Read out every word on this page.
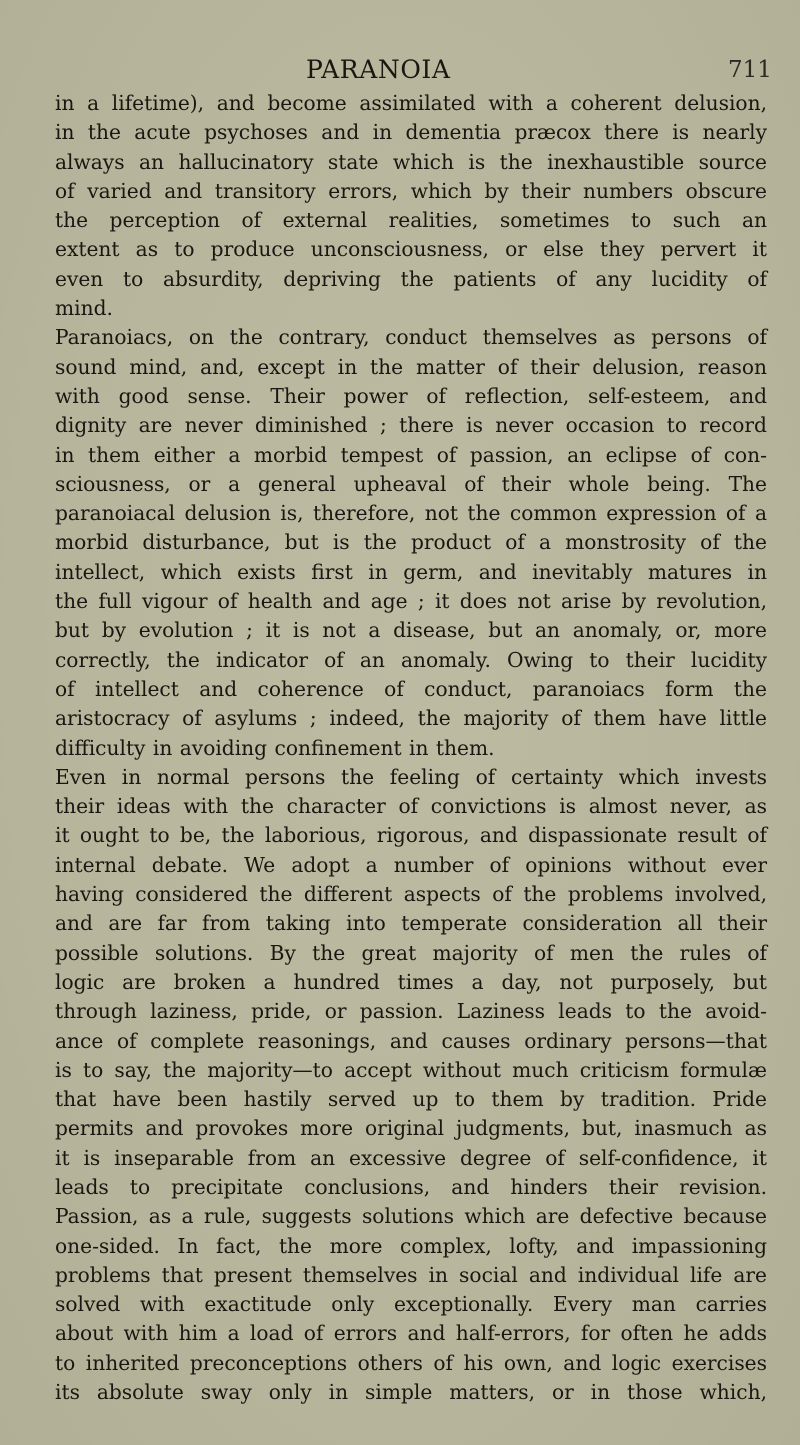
PARANOIA	711
in a lifetime), and become assimilated with a coherent delusion,
in the acute psychoses and in dementia præcox there is nearly
always an hallucinatory state which is the inexhaustible source
of varied and transitory errors, which by their numbers obscure
the perception of external realities, sometimes to such an
extent as to produce unconsciousness, or else they pervert it
even to absurdity, depriving the patients of any lucidity of
mind.
Paranoiacs, on the contrary, conduct themselves as persons of
sound mind, and, except in the matter of their delusion, reason
with good sense. Their power of reflection, self-esteem, and
dignity are never diminished ; there is never occasion to record
in them either a morbid tempest of passion, an eclipse of con-
sciousness, or a general upheaval of their whole being. The
paranoiacal delusion is, therefore, not the common expression of a
morbid disturbance, but is the product of a monstrosity of the
intellect, which exists first in germ, and inevitably matures in
the full vigour of health and age ; it does not arise by revolution,
but by evolution ; it is not a disease, but an anomaly, or, more
correctly, the indicator of an anomaly. Owing to their lucidity
of intellect and coherence of conduct, paranoiacs form the
aristocracy of asylums ; indeed, the majority of them have little
difficulty in avoiding confinement in them.
Even in normal persons the feeling of certainty which invests
their ideas with the character of convictions is almost never, as
it ought to be, the laborious, rigorous, and dispassionate result of
internal debate. We adopt a number of opinions without ever
having considered the different aspects of the problems involved,
and are far from taking into temperate consideration all their
possible solutions. By the great majority of men the rules of
logic are broken a hundred times a day, not purposely, but
through laziness, pride, or passion. Laziness leads to the avoid-
ance of complete reasonings, and causes ordinary persons—that
is to say, the majority—to accept without much criticism formulæ
that have been hastily served up to them by tradition. Pride
permits and provokes more original judgments, but, inasmuch as
it is inseparable from an excessive degree of self-confidence, it
leads to precipitate conclusions, and hinders their revision.
Passion, as a rule, suggests solutions which are defective because
one-sided. In fact, the more complex, lofty, and impassioning
problems that present themselves in social and individual life are
solved with exactitude only exceptionally. Every man carries
about with him a load of errors and half-errors, for often he adds
to inherited preconceptions others of his own, and logic exercises
its absolute sway only in simple matters, or in those which,
